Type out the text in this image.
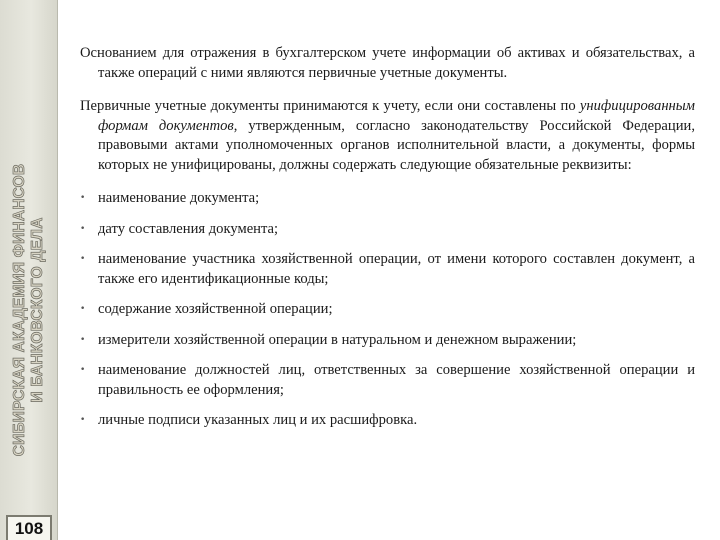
СИБИРСКАЯ АКАДЕМИЯ ФИНАНСОВ И БАНКОВСКОГО ДЕЛА
108

Основанием для отражения в бухгалтерском учете информации об активах и обязательствах, а также операций с ними являются первичные учетные документы.

Первичные учетные документы принимаются к учету, если они составлены по унифицированным формам документов, утвержденным, согласно законодательству Российской Федерации, правовыми актами уполномоченных органов исполнительной власти, а документы, формы которых не унифицированы, должны содержать следующие обязательные реквизиты:

• наименование документа;
• дату составления документа;
• наименование участника хозяйственной операции, от имени которого составлен документ, а также его идентификационные коды;
• содержание хозяйственной операции;
• измерители хозяйственной операции в натуральном и денежном выражении;
• наименование должностей лиц, ответственных за совершение хозяйственной операции и правильность ее оформления;
• личные подписи указанных лиц и их расшифровка.
